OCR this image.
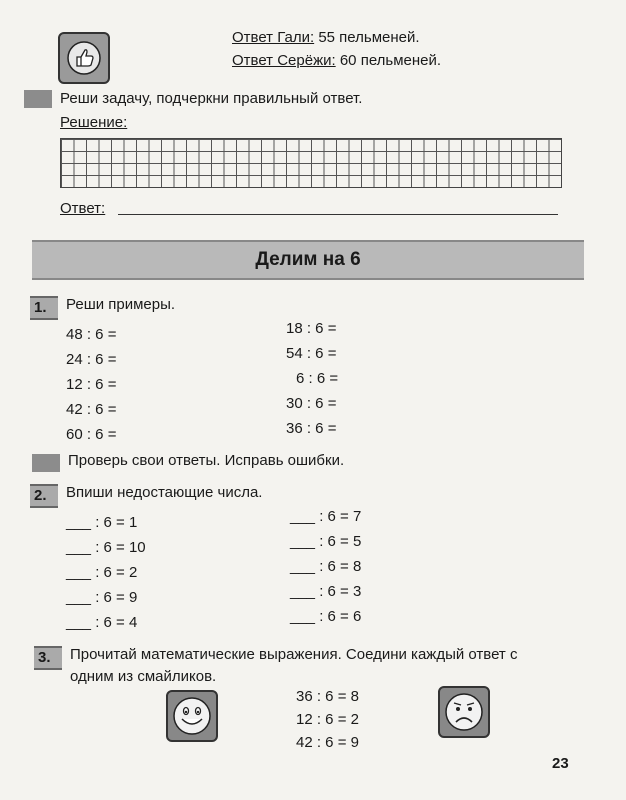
Ответ Гали: 55 пельменей.
Ответ Серёжи: 60 пельменей.
Реши задачу, подчеркни правильный ответ.
Решение:
Ответ:
Делим на 6
1.	Реши примеры.
48 : 6 =
24 : 6 =
12 : 6 =
42 : 6 =
60 : 6 =
18 : 6 =
54 : 6 =
6 : 6 =
30 : 6 =
36 : 6 =
Проверь свои ответы. Исправь ошибки.
2.	Впиши недостающие числа.
___ : 6 = 1
___ : 6 = 10
___ : 6 = 2
___ : 6 = 9
___ : 6 = 4
___ : 6 = 7
___ : 6 = 5
___ : 6 = 8
___ : 6 = 3
___ : 6 = 6
3.	Прочитай математические выражения. Соедини каждый ответ с
одним из смайликов.
36 : 6 = 8
12 : 6 = 2
42 : 6 = 9
23
